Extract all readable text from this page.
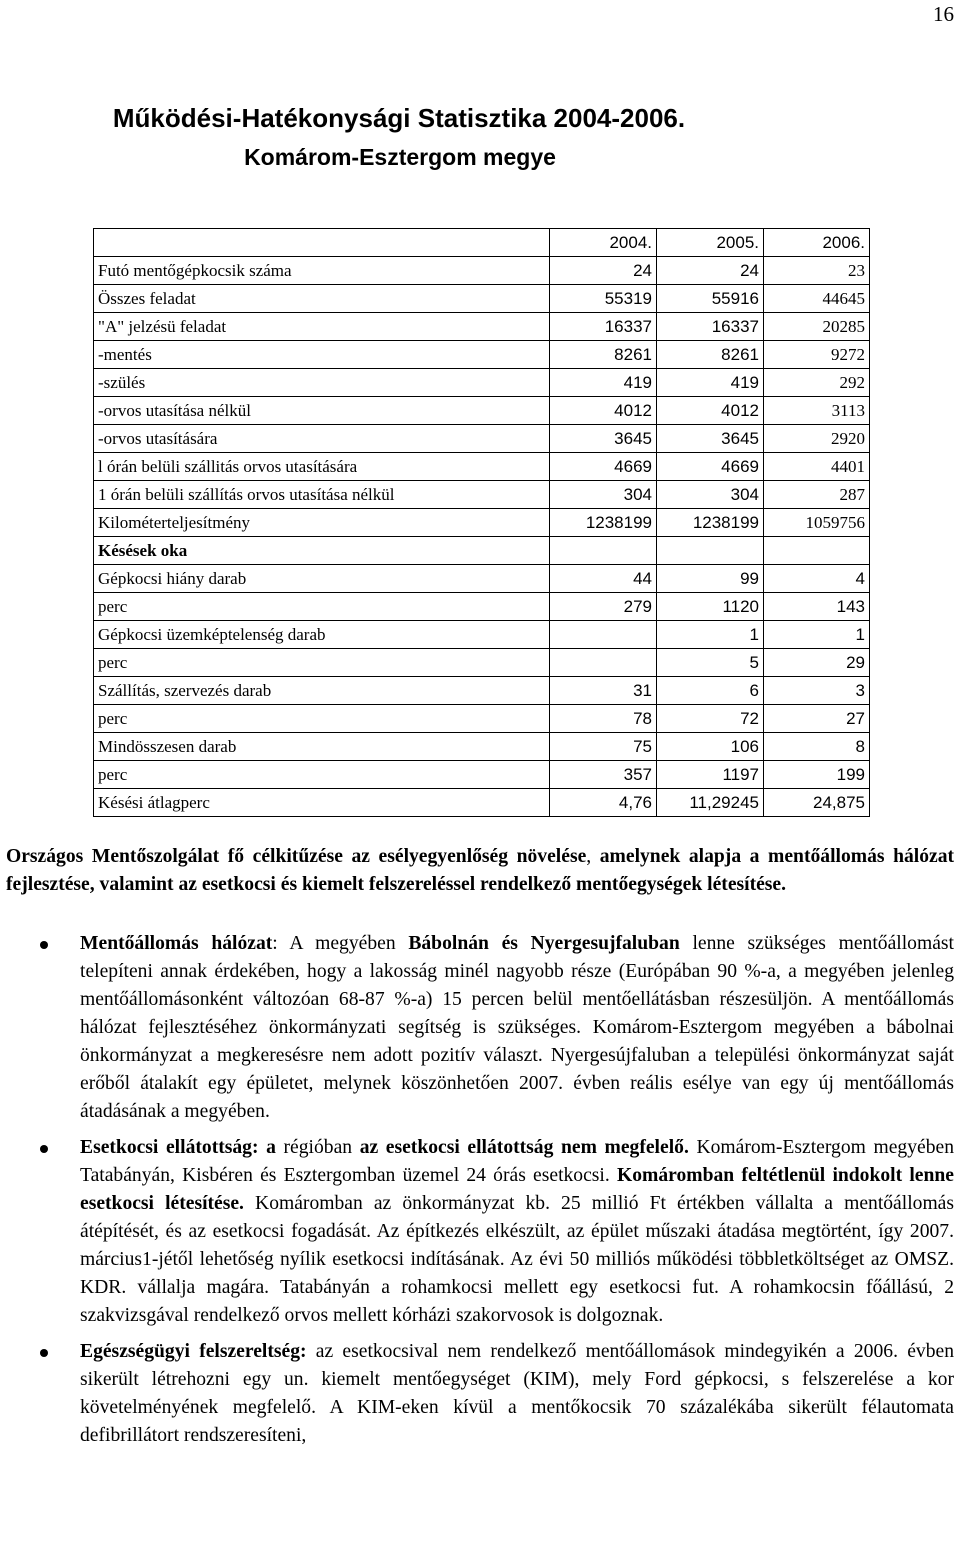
16
Működési-Hatékonysági Statisztika 2004-2006.
Komárom-Esztergom megye
	2004.	2005.	2006.
Futó mentőgépkocsik száma	24	24	23
Összes feladat	55319	55916	44645
"A" jelzésü feladat	16337	16337	20285
-mentés	8261	8261	9272
-szülés	419	419	292
-orvos utasítása nélkül	4012	4012	3113
-orvos utasítására	3645	3645	2920
l órán belüli szállitás orvos utasítására	4669	4669	4401
1 órán belüli szállítás orvos utasítása nélkül	304	304	287
Kilométerteljesítmény	1238199	1238199	1059756
Késések oka			
Gépkocsi hiány darab	44	99	4
perc	279	1120	143
Gépkocsi üzemképtelenség darab		1	1
perc		5	29
Szállítás, szervezés darab	31	6	3
perc	78	72	27
Mindösszesen darab	75	106	8
perc	357	1197	199
Késési átlagperc	4,76	11,29245	24,875
Országos Mentőszolgálat fő célkitűzése az esélyegyenlőség növelése, amelynek alapja a mentőállomás hálózat fejlesztése, valamint az esetkocsi és kiemelt felszereléssel rendelkező mentőegységek létesítése.
Mentőállomás hálózat: A megyében Bábolnán és Nyergesujfaluban lenne szükséges mentőállomást telepíteni annak érdekében, hogy a lakosság minél nagyobb része (Európában 90 %-a, a megyében jelenleg mentőállomásonként változóan 68-87 %-a) 15 percen belül mentőellátásban részesüljön. A mentőállomás hálózat fejlesztéséhez önkormányzati segítség is szükséges. Komárom-Esztergom megyében a bábolnai önkormányzat a megkeresésre nem adott pozitív választ. Nyergesújfaluban a települési önkormányzat saját erőből átalakít egy épületet, melynek köszönhetően 2007. évben reális esélye van egy új mentőállomás átadásának a megyében.
Esetkocsi ellátottság: a régióban az esetkocsi ellátottság nem megfelelő. Komárom-Esztergom megyében Tatabányán, Kisbéren és Esztergomban üzemel 24 órás esetkocsi. Komáromban feltétlenül indokolt lenne esetkocsi létesítése. Komáromban az önkormányzat kb. 25 millió Ft értékben vállalta a mentőállomás átépítését, és az esetkocsi fogadását. Az építkezés elkészült, az épület műszaki átadása megtörtént, így 2007. március1-jétől lehetőség nyílik esetkocsi indításának. Az évi 50 milliós működési többletköltséget az OMSZ. KDR. vállalja magára. Tatabányán a rohamkocsi mellett egy esetkocsi fut. A rohamkocsin főállású, 2 szakvizsgával rendelkező orvos mellett kórházi szakorvosok is dolgoznak.
Egészségügyi felszereltség: az esetkocsival nem rendelkező mentőállomások mindegyikén a 2006. évben sikerült létrehozni egy un. kiemelt mentőegységet (KIM), mely Ford gépkocsi, s felszerelése a kor követelményének megfelelő. A KIM-eken kívül a mentőkocsik 70 százalékába sikerült félautomata defibrillátort rendszeresíteni,
